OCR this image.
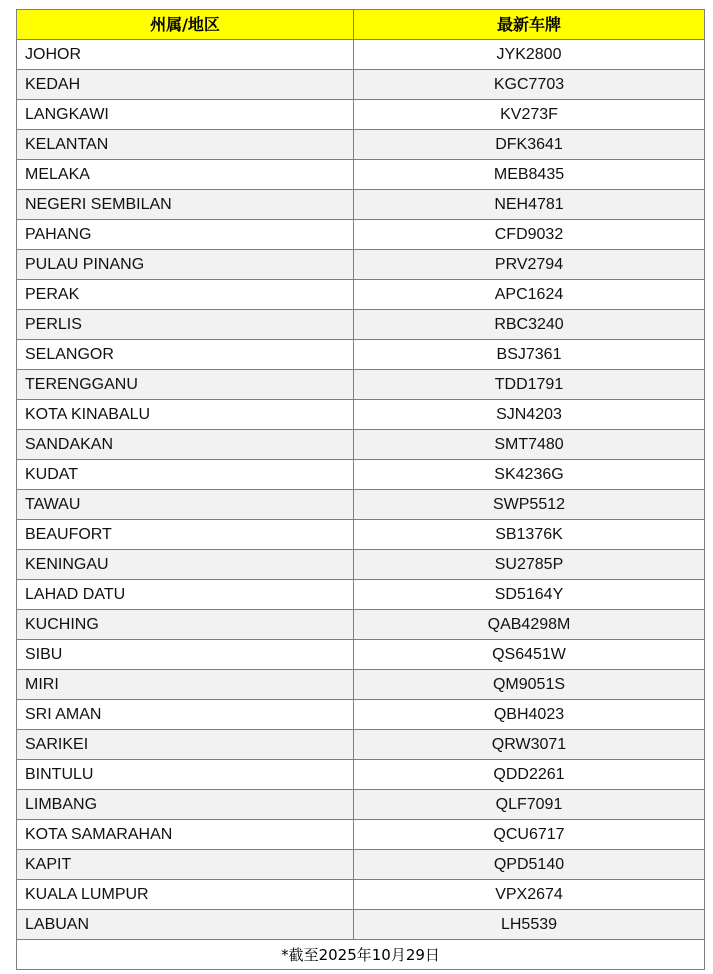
州属/地区	最新车牌
JOHOR	JYK2800
KEDAH	KGC7703
LANGKAWI	KV273F
KELANTAN	DFK3641
MELAKA	MEB8435
NEGERI SEMBILAN	NEH4781
PAHANG	CFD9032
PULAU PINANG	PRV2794
PERAK	APC1624
PERLIS	RBC3240
SELANGOR	BSJ7361
TERENGGANU	TDD1791
KOTA KINABALU	SJN4203
SANDAKAN	SMT7480
KUDAT	SK4236G
TAWAU	SWP5512
BEAUFORT	SB1376K
KENINGAU	SU2785P
LAHAD DATU	SD5164Y
KUCHING	QAB4298M
SIBU	QS6451W
MIRI	QM9051S
SRI AMAN	QBH4023
SARIKEI	QRW3071
BINTULU	QDD2261
LIMBANG	QLF7091
KOTA SAMARAHAN	QCU6717
KAPIT	QPD5140
KUALA LUMPUR	VPX2674
LABUAN	LH5539
*截至2025年10月29日	
